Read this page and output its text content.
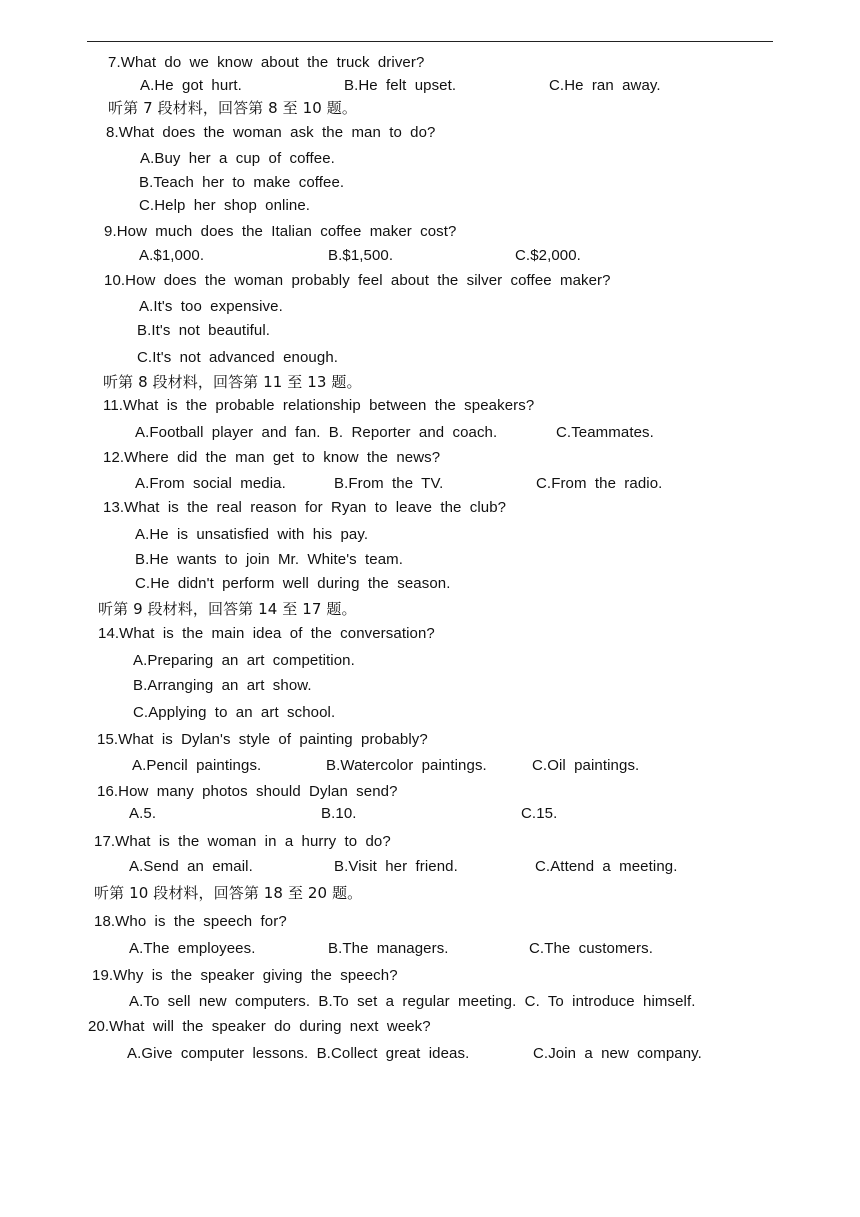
7.What do we know about the truck driver?
A.He got hurt.	B.He felt upset.	C.He ran away.
听第 7 段材料，回答第 8 至 10 题。
8.What does the woman ask the man to do?
A.Buy her a cup of coffee.
B.Teach her to make coffee.
C.Help her shop online.
9.How much does the Italian coffee maker cost?
A.$1,000.	B.$1,500.	C.$2,000.
10.How does the woman probably feel about the silver coffee maker?
A.It's too expensive.
B.It's not beautiful.
C.It's not advanced enough.
听第 8 段材料，回答第 11 至 13 题。
11.What is the probable relationship between the speakers?
A.Football player and fan. B. Reporter and coach.	C.Teammates.
12.Where did the man get to know the news?
A.From social media.	B.From the TV.	C.From the radio.
13.What is the real reason for Ryan to leave the club?
A.He is unsatisfied with his pay.
B.He wants to join Mr. White's team.
C.He didn't perform well during the season.
听第 9 段材料，回答第 14 至 17 题。
14.What is the main idea of the conversation?
A.Preparing an art competition.
B.Arranging an art show.
C.Applying to an art school.
15.What is Dylan's style of painting probably?
A.Pencil paintings.	B.Watercolor paintings.	C.Oil paintings.
16.How many photos should Dylan send?
A.5.	B.10.	C.15.
17.What is the woman in a hurry to do?
A.Send an email.	B.Visit her friend.	C.Attend a meeting.
听第 10 段材料，回答第 18 至 20 题。
18.Who is the speech for?
A.The employees.	B.The managers.	C.The customers.
19.Why is the speaker giving the speech?
A.To sell new computers. B.To set a regular meeting. C. To introduce himself.
20.What will the speaker do during next week?
A.Give computer lessons. B.Collect great ideas.	C.Join a new company.
